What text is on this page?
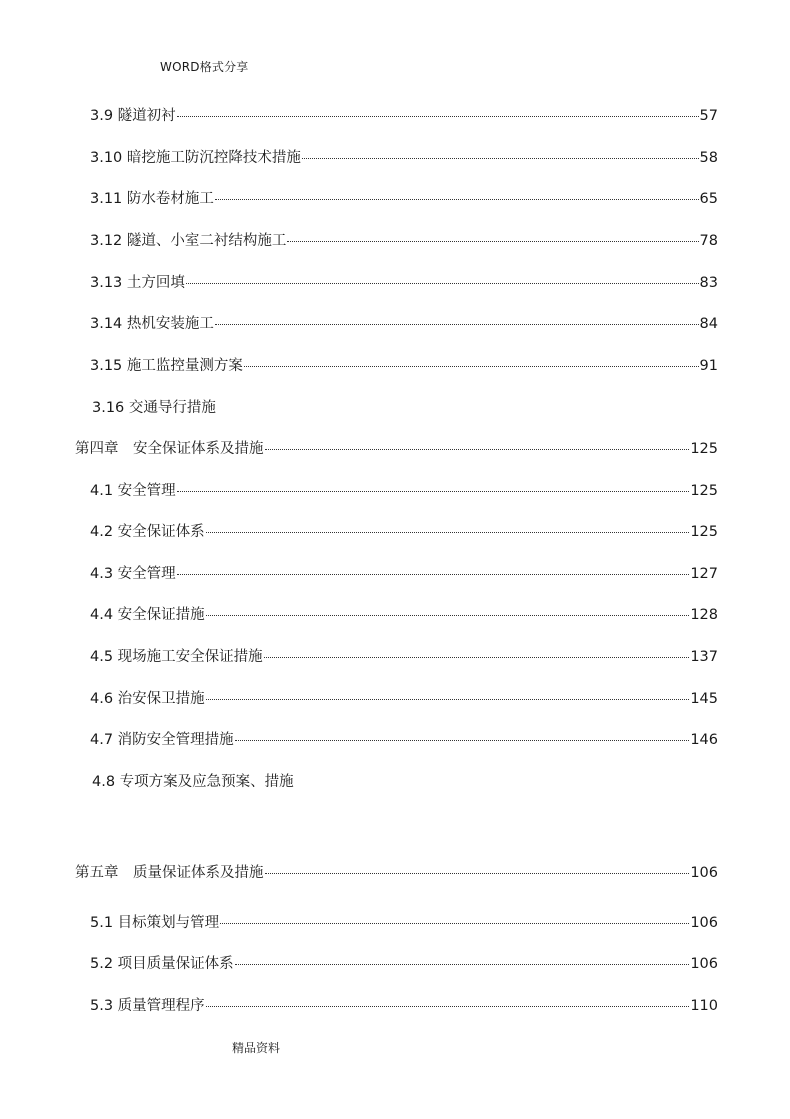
WORD格式分享
3.9 隧道初衬	57
3.10 暗挖施工防沉控降技术措施	58
3.11 防水卷材施工	65
3.12 隧道、小室二衬结构施工	78
3.13 土方回填	83
3.14 热机安装施工	84
3.15 施工监控量测方案	91
3.16 交通导行措施
第四章　安全保证体系及措施	125
4.1 安全管理	125
4.2 安全保证体系	125
4.3 安全管理	127
4.4 安全保证措施	128
4.5 现场施工安全保证措施	137
4.6 治安保卫措施	145
4.7 消防安全管理措施	146
4.8 专项方案及应急预案、措施
第五章　质量保证体系及措施	106
5.1 目标策划与管理	106
5.2 项目质量保证体系	106
5.3 质量管理程序	110
精品资料
